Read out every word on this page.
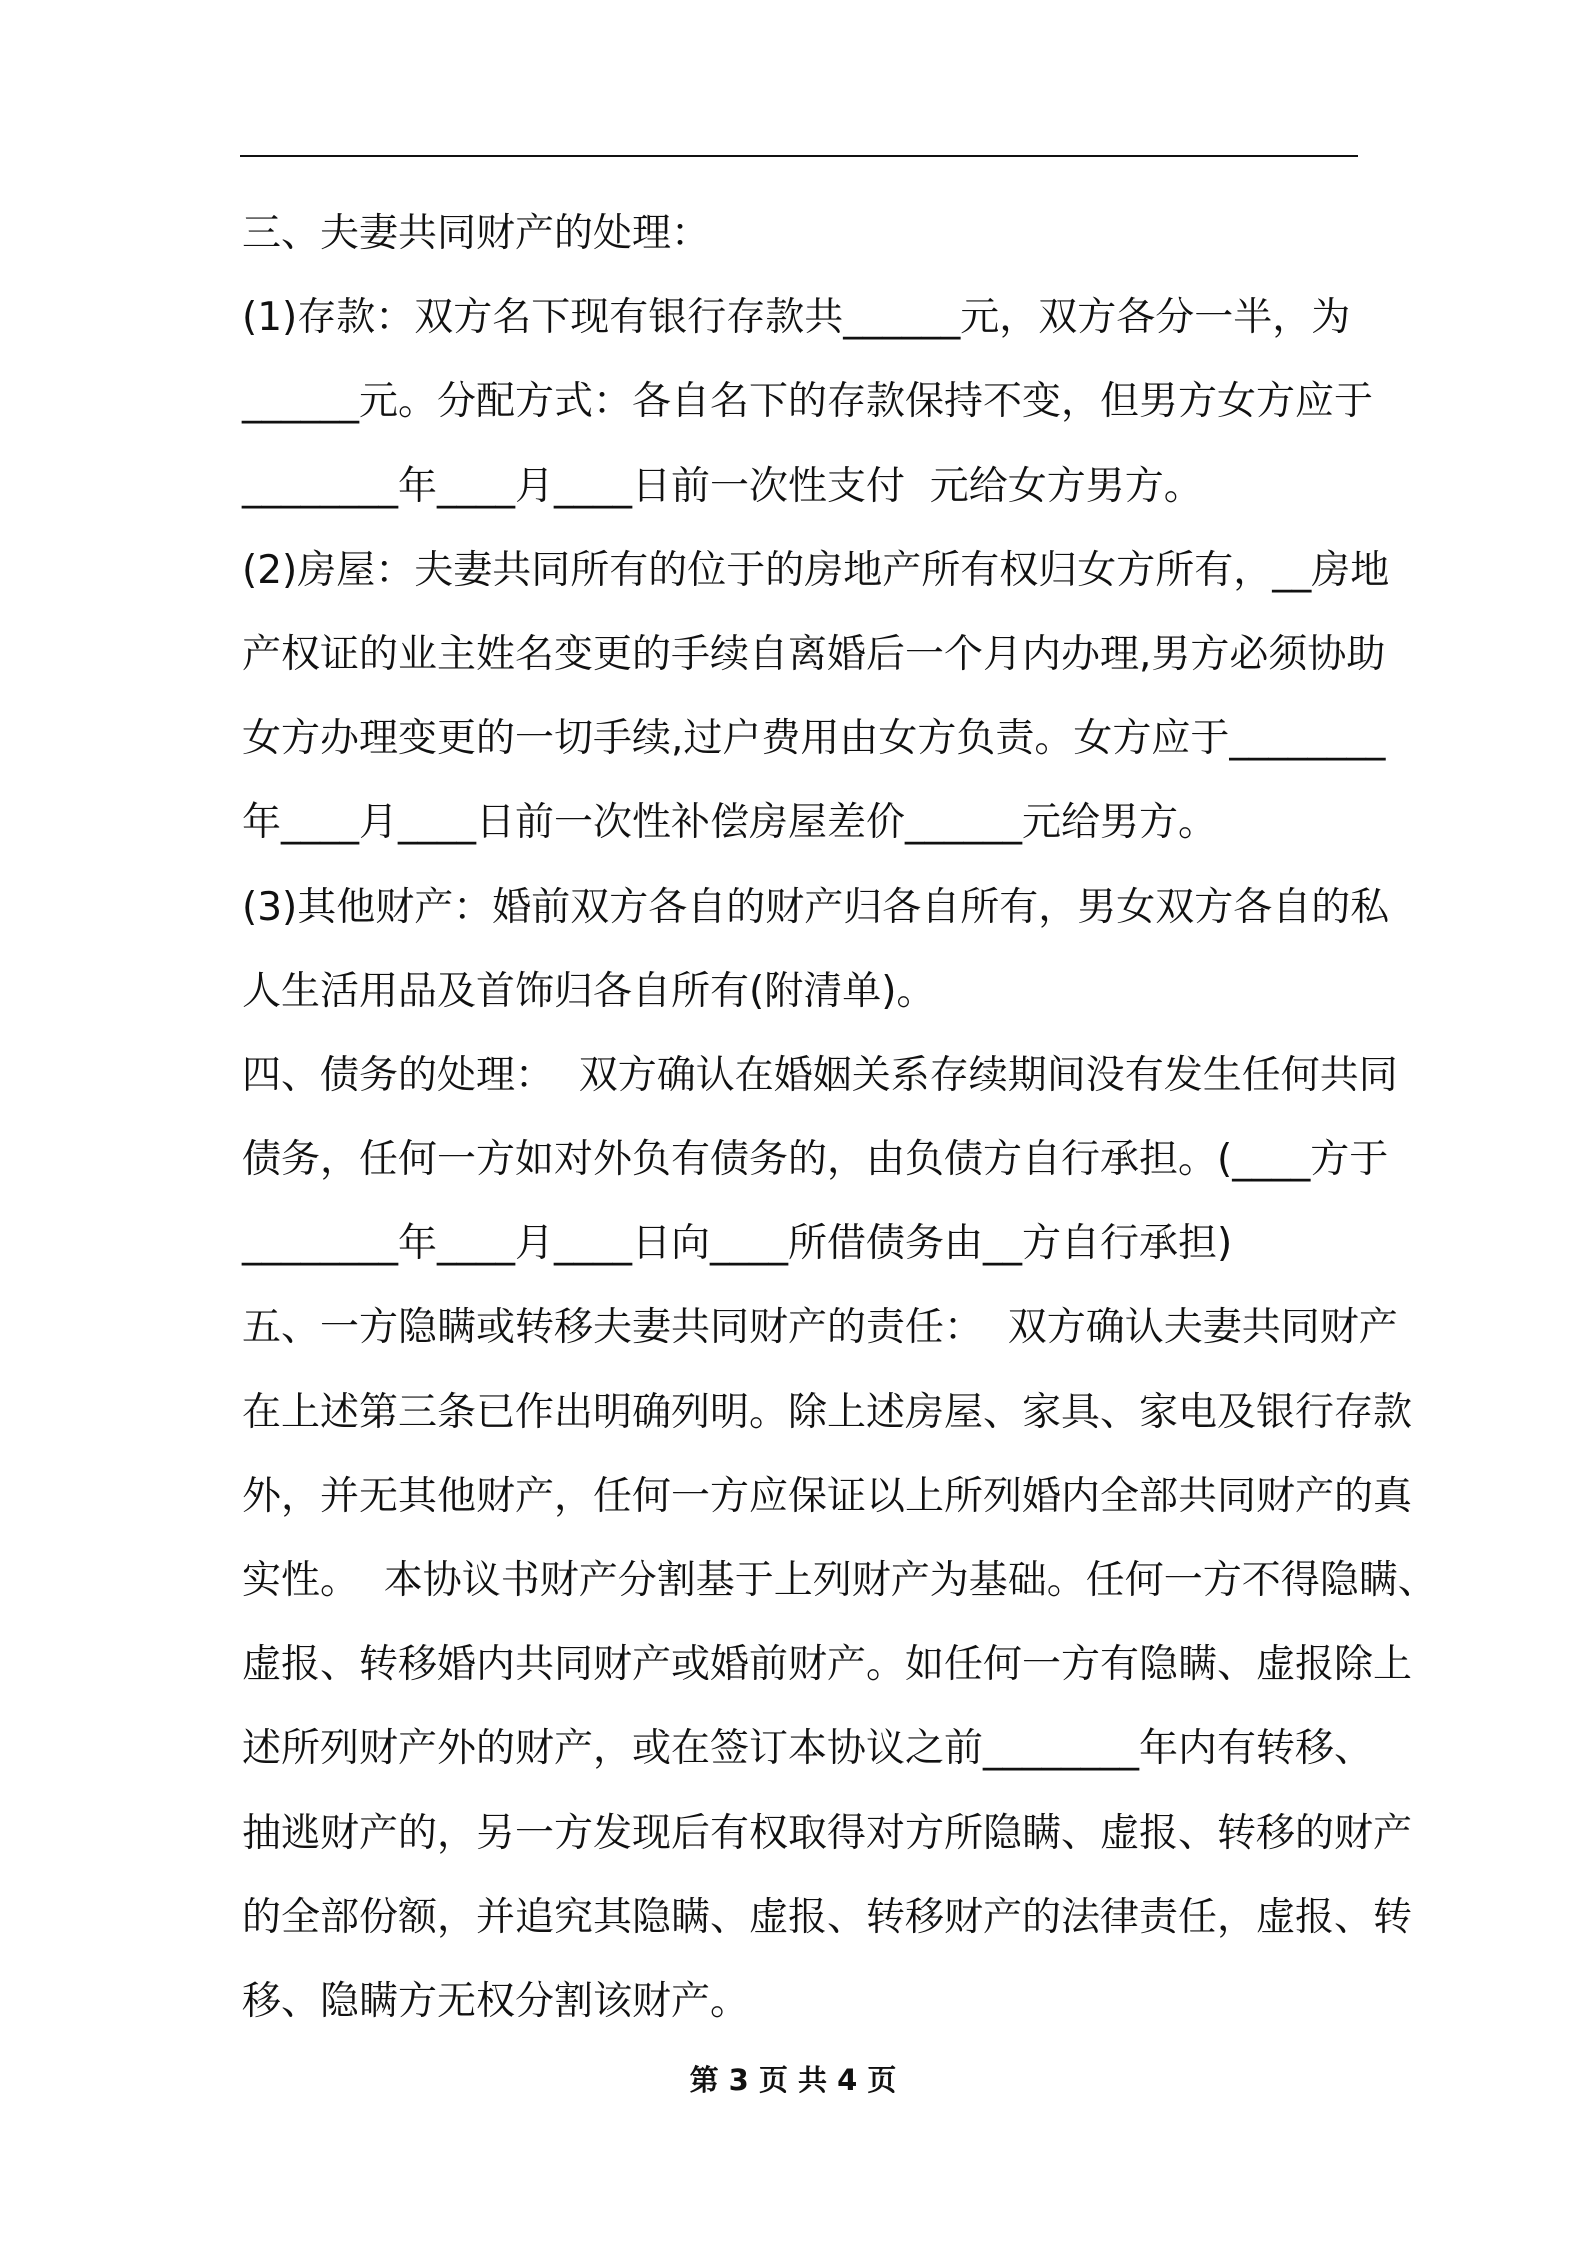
三、夫妻共同财产的处理：
(1)存款：双方名下现有银行存款共______元，双方各分一半，为
______元。分配方式：各自名下的存款保持不变，但男方女方应于
________年____月____日前一次性支付  元给女方男方。
(2)房屋：夫妻共同所有的位于的房地产所有权归女方所有，__房地
产权证的业主姓名变更的手续自离婚后一个月内办理,男方必须协助
女方办理变更的一切手续,过户费用由女方负责。女方应于________
年____月____日前一次性补偿房屋差价______元给男方。
(3)其他财产：婚前双方各自的财产归各自所有，男女双方各自的私
人生活用品及首饰归各自所有(附清单)。
四、债务的处理：  双方确认在婚姻关系存续期间没有发生任何共同
债务，任何一方如对外负有债务的，由负债方自行承担。(____方于
________年____月____日向____所借债务由__方自行承担)
五、一方隐瞒或转移夫妻共同财产的责任：  双方确认夫妻共同财产
在上述第三条已作出明确列明。除上述房屋、家具、家电及银行存款
外，并无其他财产，任何一方应保证以上所列婚内全部共同财产的真
实性。  本协议书财产分割基于上列财产为基础。任何一方不得隐瞒、
虚报、转移婚内共同财产或婚前财产。如任何一方有隐瞒、虚报除上
述所列财产外的财产，或在签订本协议之前________年内有转移、
抽逃财产的，另一方发现后有权取得对方所隐瞒、虚报、转移的财产
的全部份额，并追究其隐瞒、虚报、转移财产的法律责任，虚报、转
移、隐瞒方无权分割该财产。
第 3 页 共 4 页
